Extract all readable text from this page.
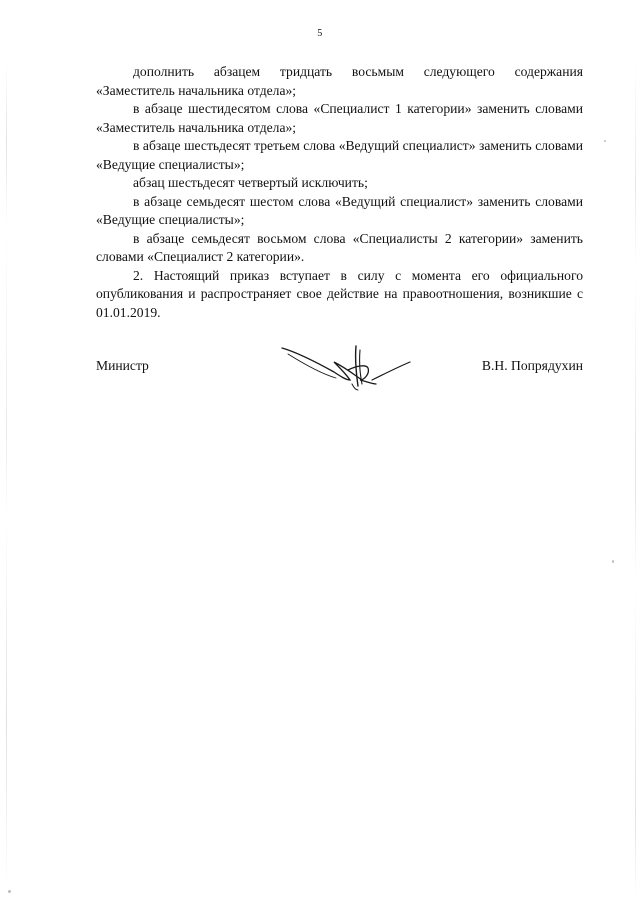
5

дополнить абзацем тридцать восьмым следующего содержания «Заместитель начальника отдела»;

в абзаце шестидесятом слова «Специалист 1 категории» заменить словами «Заместитель начальника отдела»;

в абзаце шестьдесят третьем слова «Ведущий специалист» заменить словами «Ведущие специалисты»;

абзац шестьдесят четвертый исключить;

в абзаце семьдесят шестом слова «Ведущий специалист» заменить словами «Ведущие специалисты»;

в абзаце семьдесят восьмом слова «Специалисты 2 категории» заменить словами «Специалист 2 категории».

2. Настоящий приказ вступает в силу с момента его официального опубликования и распространяет свое действие на правоотношения, возникшие с 01.01.2019.

Министр	В.Н. Попрядухин
